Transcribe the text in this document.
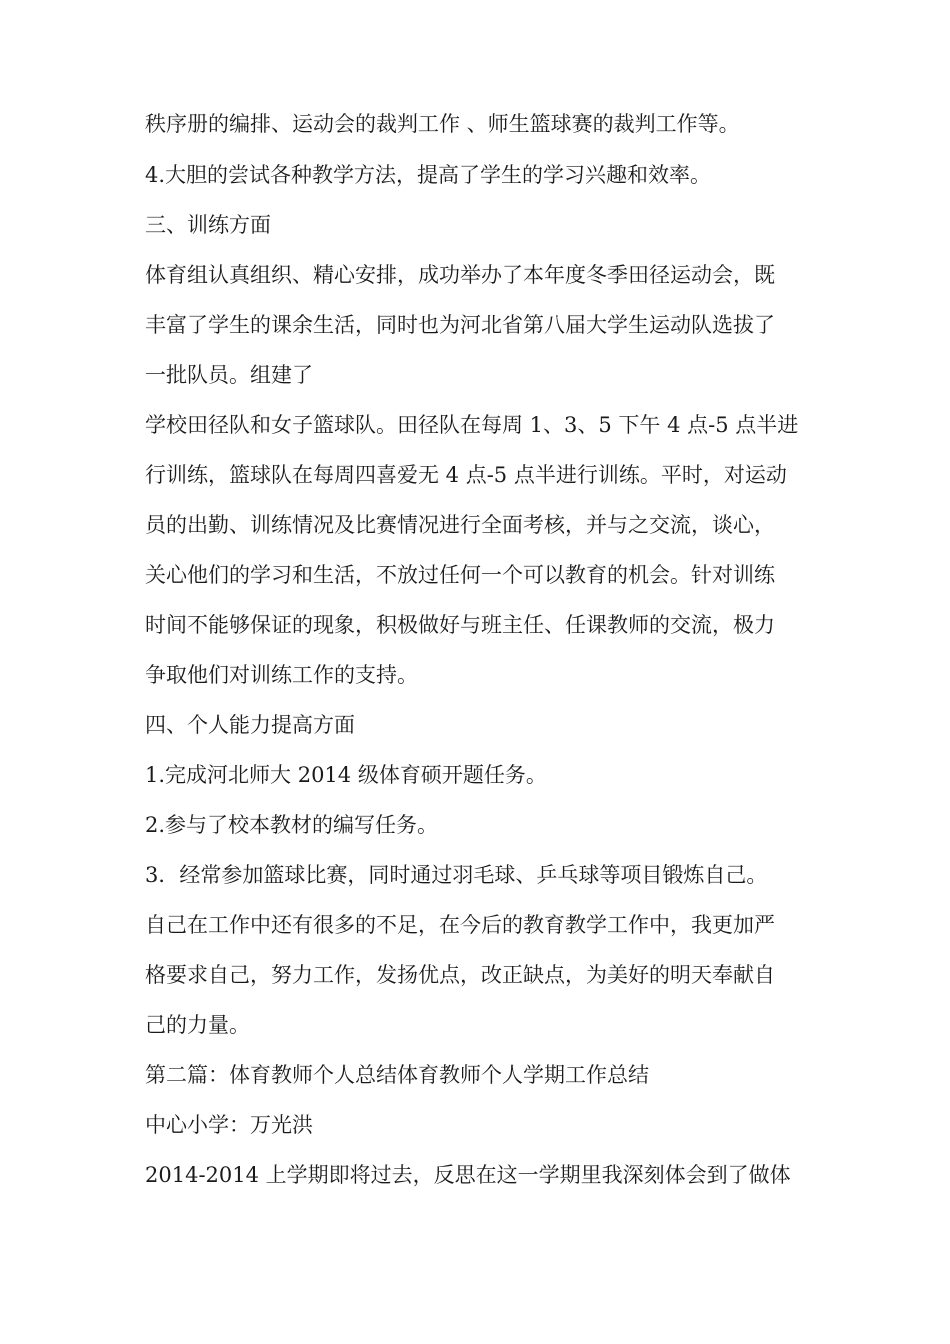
秩序册的编排、运动会的裁判工作 、师生篮球赛的裁判工作等。
4.大胆的尝试各种教学方法，提高了学生的学习兴趣和效率。
三、训练方面
体育组认真组织、精心安排，成功举办了本年度冬季田径运动会，既
丰富了学生的课余生活，同时也为河北省第八届大学生运动队选拔了
一批队员。组建了
学校田径队和女子篮球队。田径队在每周 1、3、5 下午 4 点-5 点半进
行训练，篮球队在每周四喜爱无 4 点-5 点半进行训练。平时，对运动
员的出勤、训练情况及比赛情况进行全面考核，并与之交流，谈心，
关心他们的学习和生活，不放过任何一个可以教育的机会。针对训练
时间不能够保证的现象，积极做好与班主任、任课教师的交流，极力
争取他们对训练工作的支持。
四、个人能力提高方面
1.完成河北师大 2014 级体育硕开题任务。
2.参与了校本教材的编写任务。
3．经常参加篮球比赛，同时通过羽毛球、乒乓球等项目锻炼自己。
自己在工作中还有很多的不足，在今后的教育教学工作中，我更加严
格要求自己，努力工作，发扬优点，改正缺点，为美好的明天奉献自
己的力量。
第二篇：体育教师个人总结体育教师个人学期工作总结
中心小学：万光洪
2014-2014 上学期即将过去，反思在这一学期里我深刻体会到了做体
